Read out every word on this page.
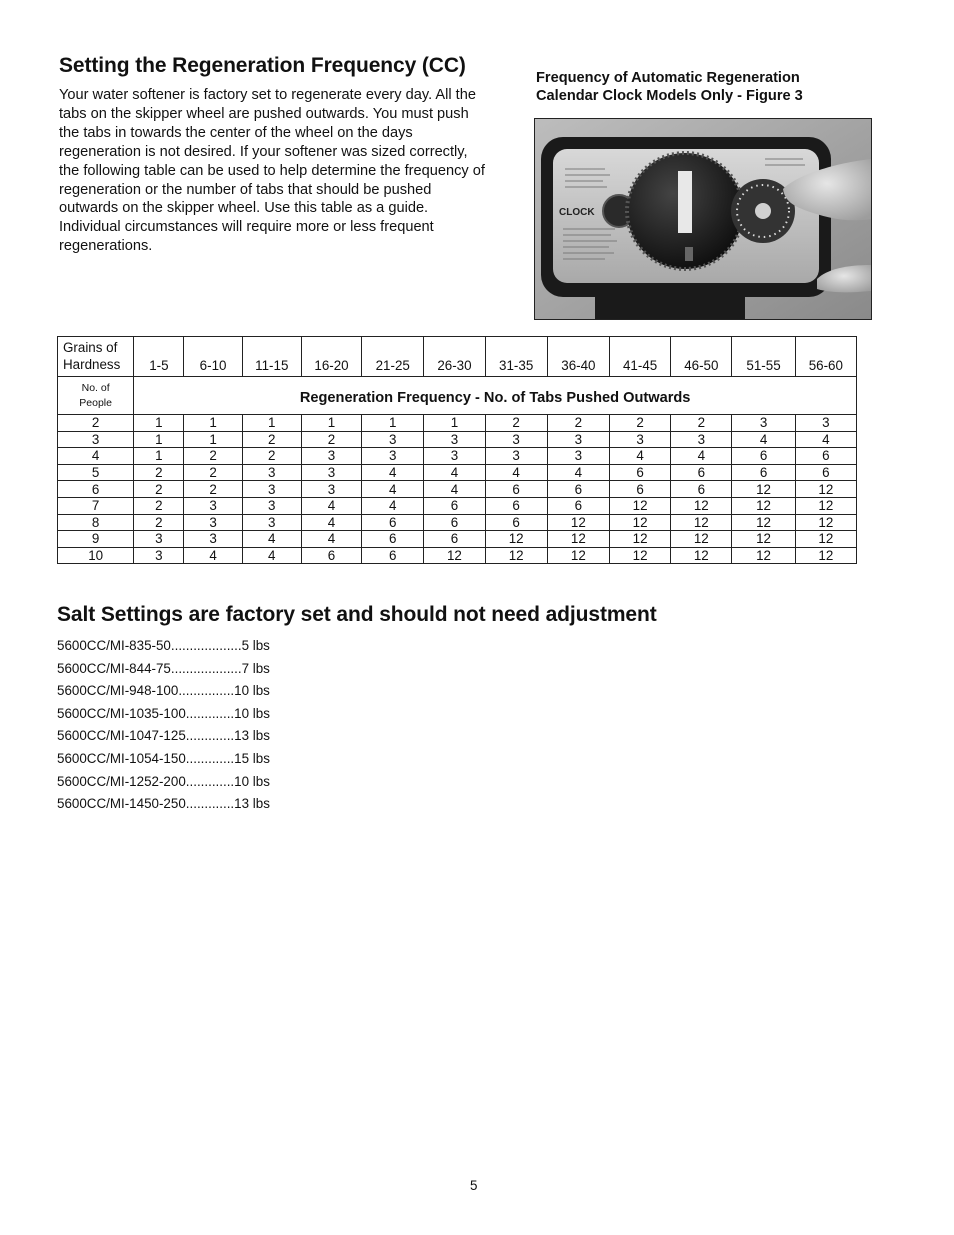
Setting the Regeneration Frequency (CC)
Your water softener is factory set to regenerate every day. All the
tabs on the skipper wheel are pushed outwards. You must push
the tabs in towards the center of the wheel on the days
regeneration is not desired. If your softener was sized correctly,
the following table can be used to help determine the frequency of
regeneration or the number of tabs that should be pushed
outwards on the skipper wheel. Use this table as a guide.
Individual circumstances will require more or less frequent
regenerations.
Frequency of Automatic Regeneration
Calendar Clock Models Only - Figure 3
CLOCK
Grains of
Hardness	1-5	6-10	11-15	16-20	21-25	26-30	31-35	36-40	41-45	46-50	51-55	56-60
No. of
People	Regeneration Frequency - No. of Tabs Pushed Outwards											
2	1	1	1	1	1	1	2	2	2	2	3	3
3	1	1	2	2	3	3	3	3	3	3	4	4
4	1	2	2	3	3	3	3	3	4	4	6	6
5	2	2	3	3	4	4	4	4	6	6	6	6
6	2	2	3	3	4	4	6	6	6	6	12	12
7	2	3	3	4	4	6	6	6	12	12	12	12
8	2	3	3	4	6	6	6	12	12	12	12	12
9	3	3	4	4	6	6	12	12	12	12	12	12
10	3	4	4	6	6	12	12	12	12	12	12	12
Salt Settings are factory set and should not need adjustment
5600CC/MI-835-50...................5 lbs
5600CC/MI-844-75...................7 lbs
5600CC/MI-948-100...............10 lbs
5600CC/MI-1035-100.............10 lbs
5600CC/MI-1047-125.............13 lbs
5600CC/MI-1054-150.............15 lbs
5600CC/MI-1252-200.............10 lbs
5600CC/MI-1450-250.............13 lbs
5
